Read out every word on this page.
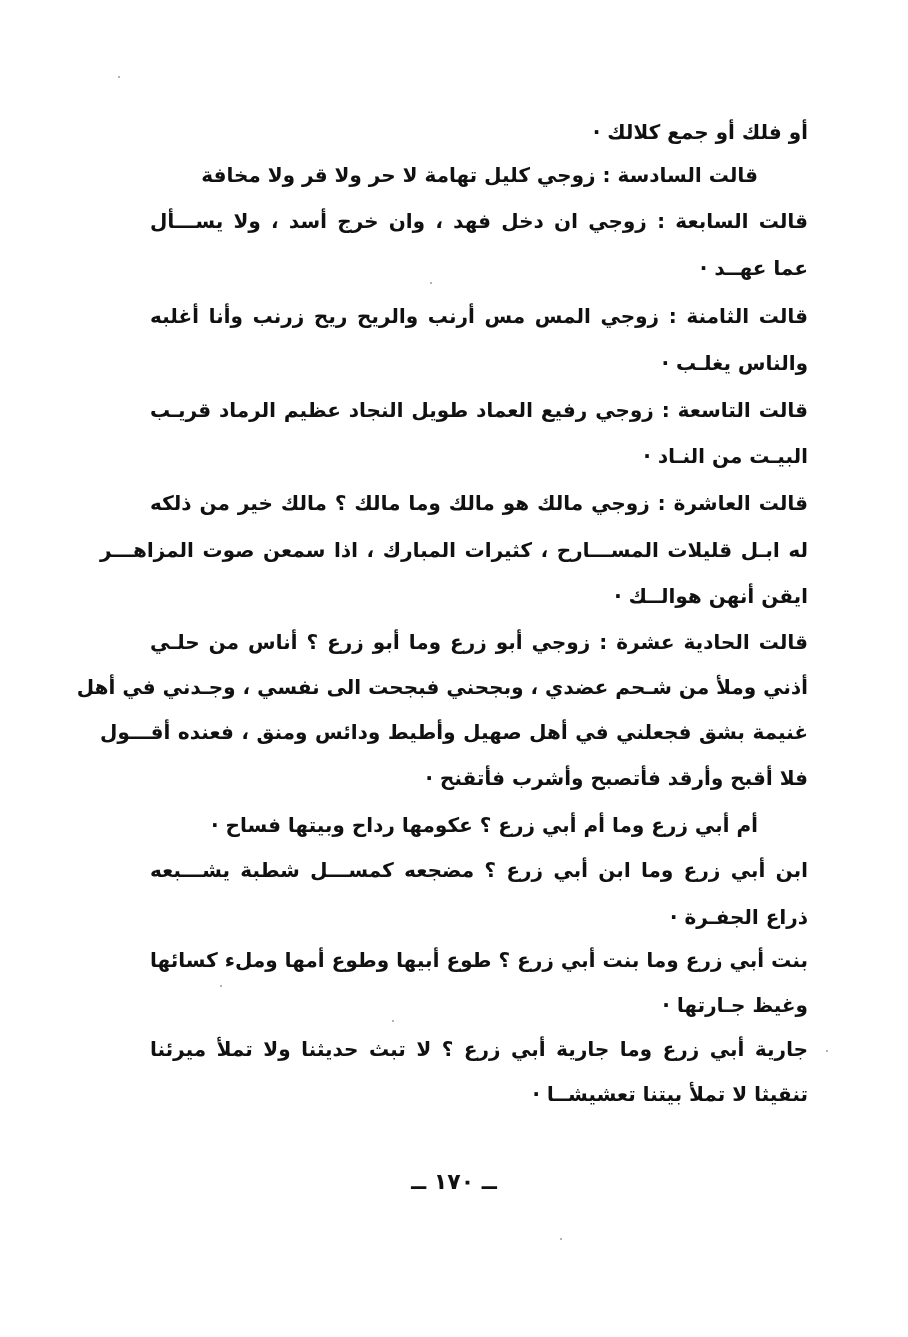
أو فلك أو جمع كلالك ·
قالت السادسة : زوجي كليل تهامة لا حر ولا قر ولا مخافة
قالت السابعة : زوجي ان دخل فهد ، وان خرج أسد ، ولا يســـأل
عما عهــد ·
قالت الثامنة : زوجي المس مس أرنب والريح ريح زرنب وأنا أغلبه
والناس يغلـب ·
قالت التاسعة : زوجي رفيع العماد طويل النجاد عظيم الرماد قريـب
البيـت من النـاد ·
قالت العاشرة : زوجي مالك هو مالك وما مالك ؟ مالك خير من ذلكه
له ابـل قليلات المســـارح ، كثيرات المبارك ، اذا سمعن صوت المزاهـــر
ايقن أنهن هوالــك ·
قالت الحادية عشرة : زوجي أبو زرع وما أبو زرع ؟ أناس من حلـي
أذني وملأ من شـحم عضدي ، وبجحني فبجحت الى نفسي ، وجـدني في أهل
غنيمة بشق فجعلني في أهل صهيل وأطيط ودائس ومنق ، فعنده أقـــول
فلا أقبح وأرقد فأتصبح وأشرب فأتقنح ·
أم أبي زرع وما أم أبي زرع ؟ عكومها رداح وبيتها فساح ·
ابن أبي زرع وما ابن أبي زرع ؟ مضجعه كمســـل شطبة يشـــبعه
ذراع الجفـرة ·
بنت أبي زرع وما بنت أبي زرع ؟ طوع أبيها وطوع أمها وملء كسائها
وغيظ جـارتها ·
جارية أبي زرع وما جارية أبي زرع ؟ لا تبث حديثنا ولا تملأ ميرئنا
تنقيثا لا تملأ بيتنا تعشيشــا ·
ــ ١٧٠ ــ
